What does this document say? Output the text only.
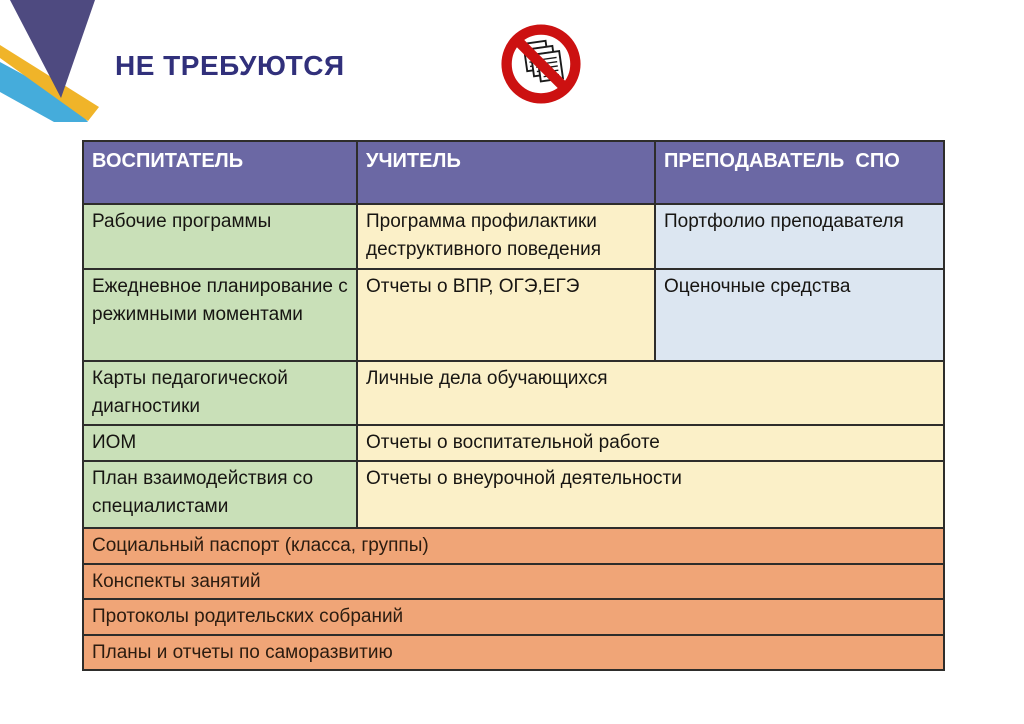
НЕ ТРЕБУЮТСЯ
ВОСПИТАТЕЛЬ	УЧИТЕЛЬ	ПРЕПОДАВАТЕЛЬ  СПО
Рабочие программы	Программа профилактики деструктивного поведения	Портфолио преподавателя
Ежедневное планирование с режимными моментами	Отчеты о ВПР, ОГЭ,ЕГЭ	Оценочные средства
Карты педагогической диагностики	Личные дела обучающихся	
ИОМ	Отчеты о воспитательной работе	
План взаимодействия со специалистами	Отчеты о внеурочной деятельности	
Социальный паспорт (класса, группы)		
Конспекты занятий		
Протоколы родительских собраний		
Планы и отчеты по саморазвитию		
